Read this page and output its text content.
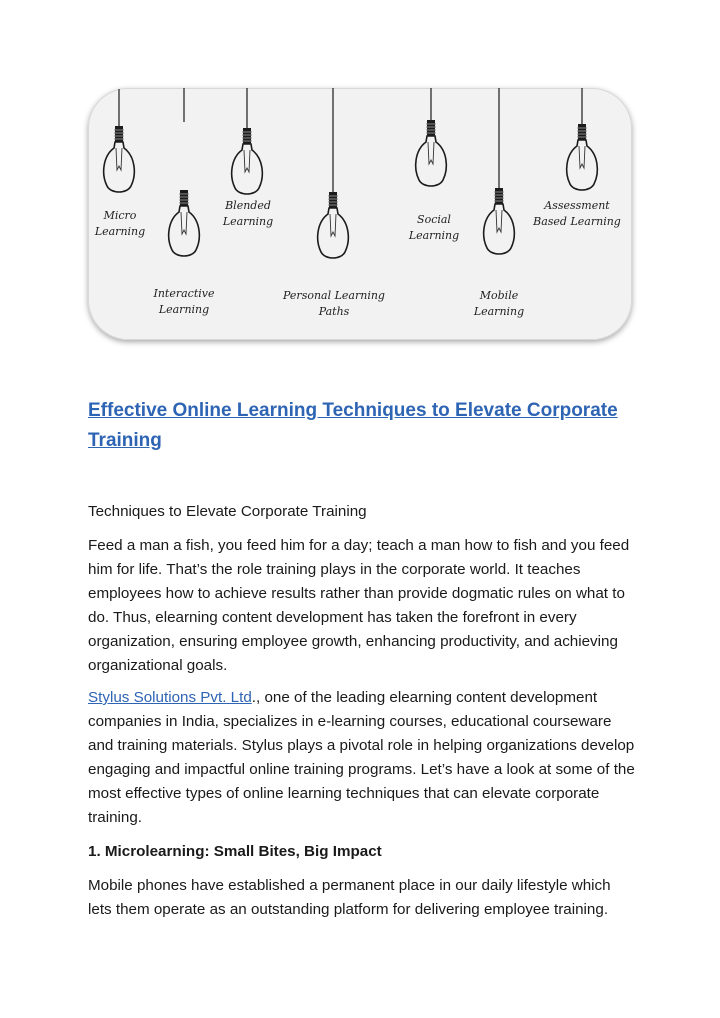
Micro
Learning
Blended
Learning	Social
Learning
Assessment
Based Learning
Interactive
Learning
Personal Learning
Paths
Mobile
Learning
Effective Online Learning Techniques to Elevate Corporate Training

Techniques to Elevate Corporate Training

Feed a man a fish, you feed him for a day; teach a man how to fish and you feed him for life. That’s the role training plays in the corporate world. It teaches employees how to achieve results rather than provide dogmatic rules on what to do. Thus, elearning content development has taken the forefront in every organization, ensuring employee growth, enhancing productivity, and achieving organizational goals.

Stylus Solutions Pvt. Ltd., one of the leading elearning content development companies in India, specializes in e-learning courses, educational courseware and training materials. Stylus plays a pivotal role in helping organizations develop engaging and impactful online training programs. Let’s have a look at some of the most effective types of online learning techniques that can elevate corporate training.

1. Microlearning: Small Bites, Big Impact

Mobile phones have established a permanent place in our daily lifestyle which lets them operate as an outstanding platform for delivering employee training.
